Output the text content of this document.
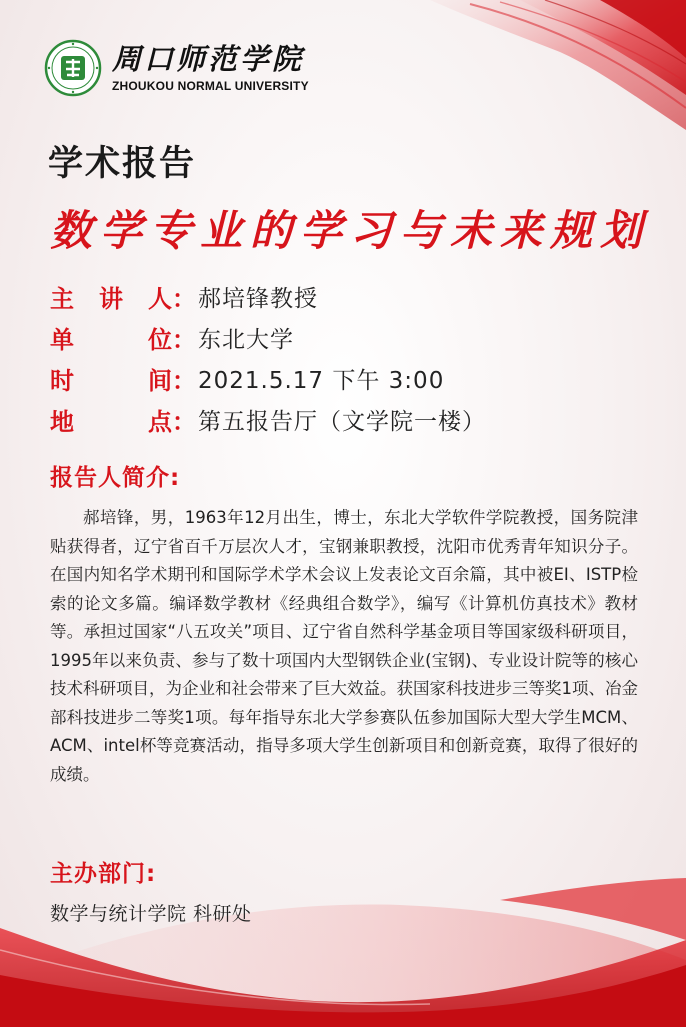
周口师范学院
ZHOUKOU NORMAL UNIVERSITY
学术报告
数学专业的学习与未来规划
主 讲 人 ： 郝培锋教授
单	位 ： 东北大学
时	间 ： 2021.5.17 下午 3:00
地	点 ： 第五报告厅（文学院一楼）
报告人简介:

郝培锋，男，1963年12月出生，博士，东北大学软件学院教授，国务院津贴获得者，辽宁省百千万层次人才，宝钢兼职教授，沈阳市优秀青年知识分子。在国内知名学术期刊和国际学术学术会议上发表论文百余篇，其中被EI、ISTP检索的论文多篇。编译数学教材《经典组合数学》，编写《计算机仿真技术》教材等。承担过国家“八五攻关”项目、辽宁省自然科学基金项目等国家级科研项目，1995年以来负责、参与了数十项国内大型钢铁企业(宝钢)、专业设计院等的核心技术科研项目，为企业和社会带来了巨大效益。获国家科技进步三等奖1项、冶金部科技进步二等奖1项。每年指导东北大学参赛队伍参加国际大型大学生MCM、ACM、intel杯等竞赛活动，指导多项大学生创新项目和创新竞赛，取得了很好的成绩。

主办部门:
数学与统计学院 科研处
